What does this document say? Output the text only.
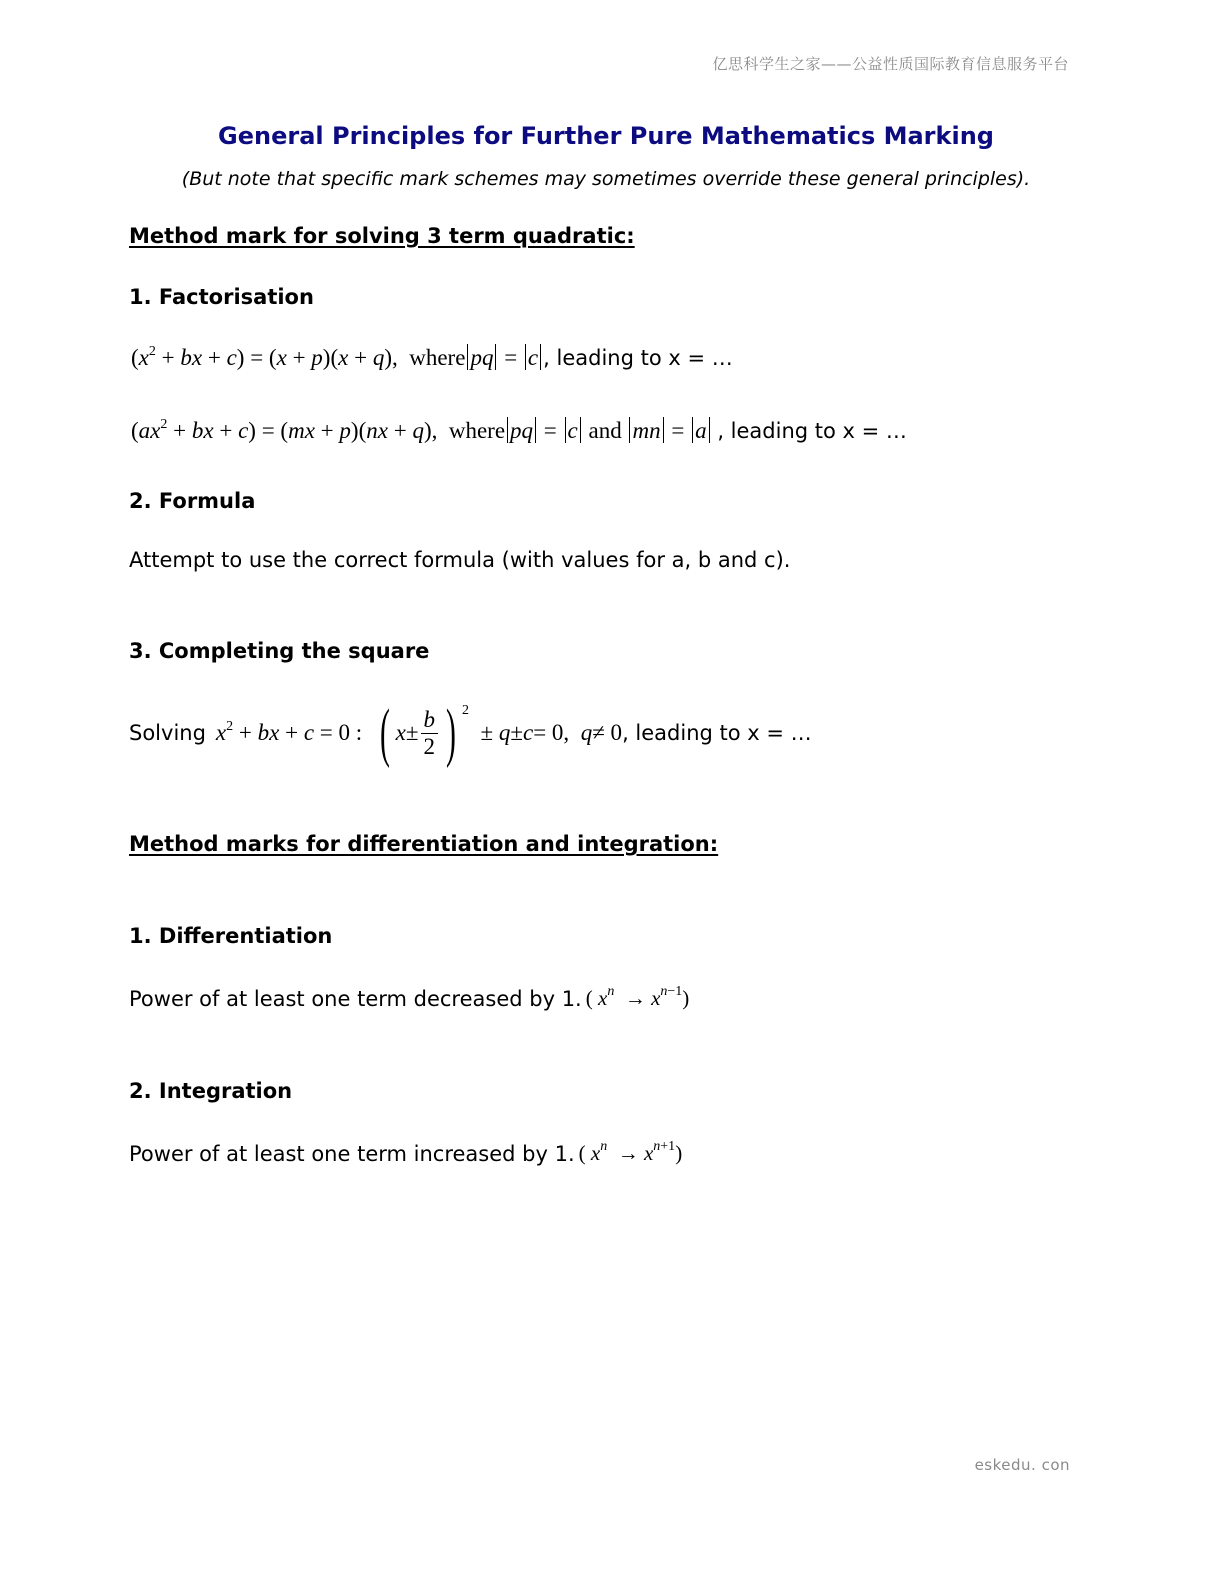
亿思科学生之家——公益性质国际教育信息服务平台
General Principles for Further Pure Mathematics Marking
(But note that specific mark schemes may sometimes override these general principles).
Method mark for solving 3 term quadratic:
1. Factorisation
($x^2$ + bx + c) = (x + p)(x + q),  where pq = c , leading to x = …
($ax^2$ + bx + c) = (mx + p)(nx + q),  where pq = c and mn = a , leading to x = …
2. Formula
Attempt to use the correct formula (with values for a, b and c).
3. Completing the square
Solving $x^2$ + bx + c = 0 : ( $x \pm \frac{b}{2}$ ) 2
± q ± c = 0, q ≠ 0 , leading to x = …
Method marks for differentiation and integration:
1. Differentiation
Power of at least one term decreased by 1. ( $x^n \to x^{n-1}$)
2. Integration
Power of at least one term increased by 1. ( $x^n \to x^{n+1}$)
eskedu. con
